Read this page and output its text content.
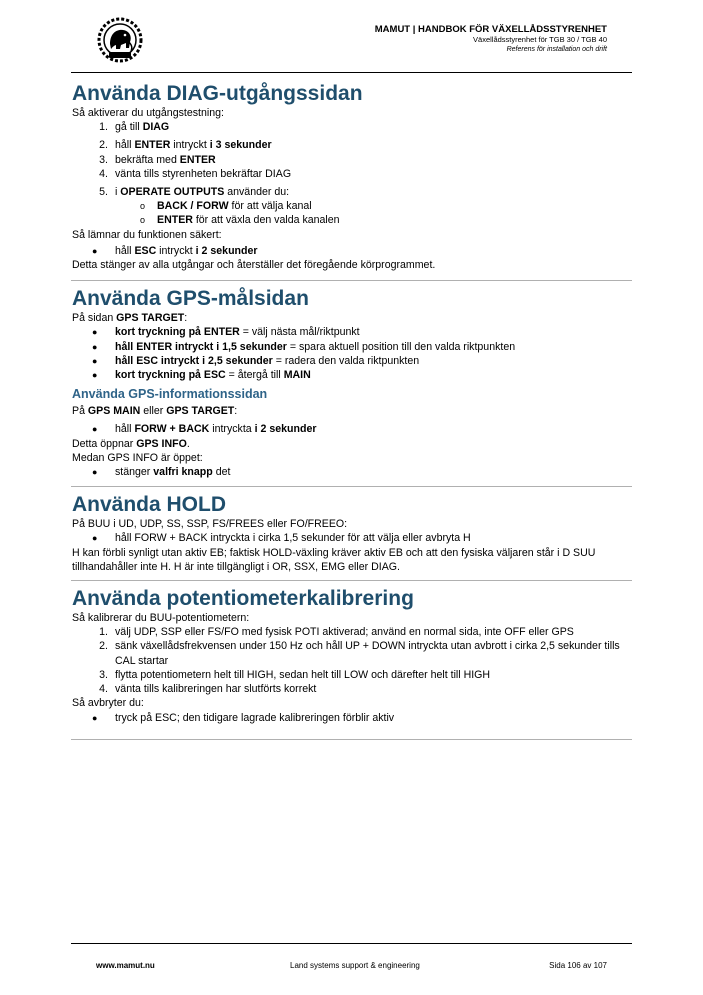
MAMUT | HANDBOK FÖR VÄXELLÅDSSTYRENHET
Växellådsstyrenhet för TGB 30 / TGB 40
Referens för installation och drift
Använda DIAG-utgångssidan

Så aktiverar du utgångstestning:

1. gå till DIAG
2. håll ENTER intryckt i 3 sekunder
3. bekräfta med ENTER
4. vänta tills styrenheten bekräftar DIAG
5. i OPERATE OUTPUTS använder du:
o BACK / FORW för att välja kanal
o ENTER för att växla den valda kanalen

Så lämnar du funktionen säkert:

● håll ESC intryckt i 2 sekunder

Detta stänger av alla utgångar och återställer det föregående körprogrammet.

Använda GPS-målsidan

På sidan GPS TARGET:

● kort tryckning på ENTER = välj nästa mål/riktpunkt
● håll ENTER intryckt i 1,5 sekunder = spara aktuell position till den valda riktpunkten
● håll ESC intryckt i 2,5 sekunder = radera den valda riktpunkten
● kort tryckning på ESC = återgå till MAIN
Använda GPS-informationssidan

På GPS MAIN eller GPS TARGET:

● håll FORW + BACK intryckta i 2 sekunder

Detta öppnar GPS INFO.

Medan GPS INFO är öppet:

● stänger valfri knapp det
Använda HOLD

På BUU i UD, UDP, SS, SSP, FS/FREES eller FO/FREEO:

● håll FORW + BACK intryckta i cirka 1,5 sekunder för att välja eller avbryta H

H kan förbli synligt utan aktiv EB; faktisk HOLD-växling kräver aktiv EB och att den fysiska väljaren står i D SUU tillhandahåller inte H. H är inte tillgängligt i OR, SSX, EMG eller DIAG.

Använda potentiometerkalibrering

Så kalibrerar du BUU-potentiometern:

1. välj UDP, SSP eller FS/FO med fysisk POTI aktiverad; använd en normal sida, inte OFF eller GPS
2. sänk växellådsfrekvensen under 150 Hz och håll UP + DOWN intryckta utan avbrott i cirka 2,5 sekunder tills CAL startar
3. flytta potentiometern helt till HIGH, sedan helt till LOW och därefter helt till HIGH
4. vänta tills kalibreringen har slutförts korrekt

Så avbryter du:

● tryck på ESC; den tidigare lagrade kalibreringen förblir aktiv
www.mamut.nu	Land systems support & engineering	Sida 106 av 107
